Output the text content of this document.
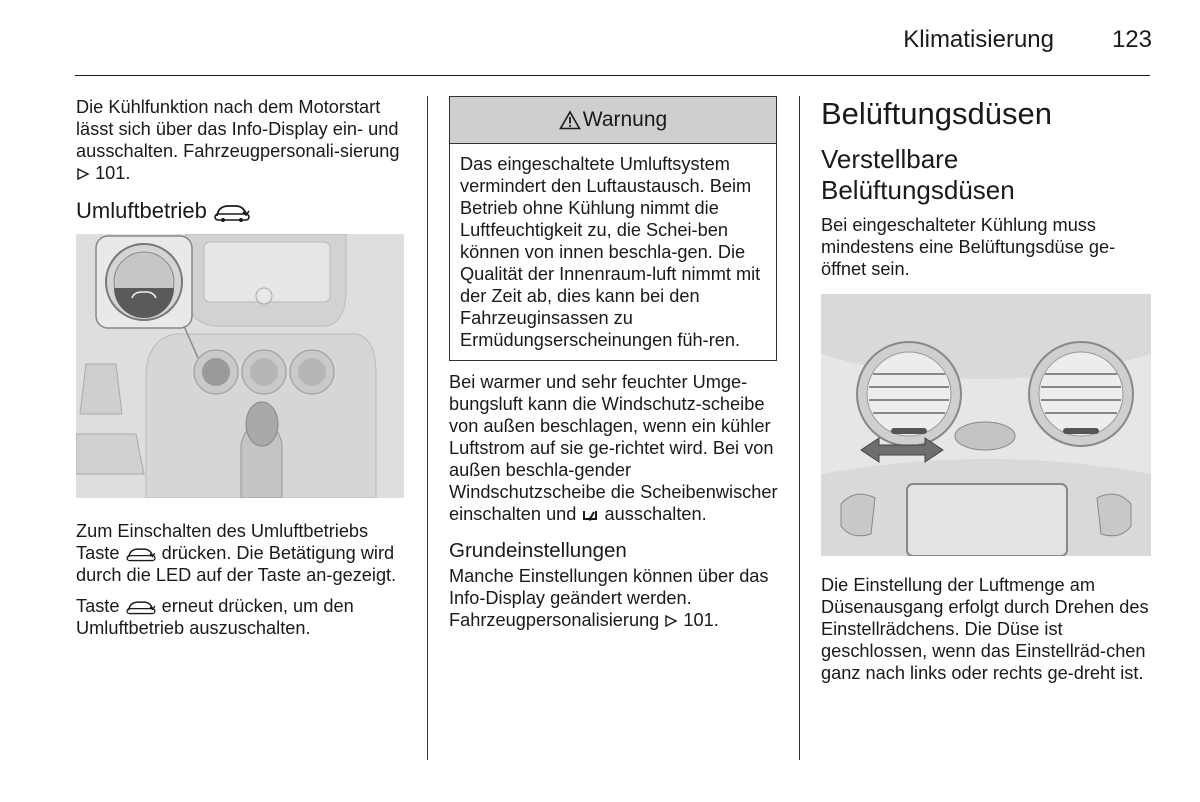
Klimatisierung 123

Die Kühlfunktion nach dem Motorstart lässt sich über das Info-Display ein- und ausschalten. Fahrzeugpersonali-sierung  101.

Umluftbetrieb

Zum Einschalten des Umluftbetriebs Taste drücken. Die Betätigung wird durch die LED auf der Taste an-gezeigt.

Taste erneut drücken, um den Umluftbetrieb auszuschalten.

Warnung
Das eingeschaltete Umluftsystem vermindert den Luftaustausch. Beim Betrieb ohne Kühlung nimmt die Luftfeuchtigkeit zu, die Schei-ben können von innen beschla-gen. Die Qualität der Innenraum-luft nimmt mit der Zeit ab, dies kann bei den Fahrzeuginsassen zu Ermüdungserscheinungen füh-ren.

Bei warmer und sehr feuchter Umge-bungsluft kann die Windschutz-scheibe von außen beschlagen, wenn ein kühler Luftstrom auf sie ge-richtet wird. Bei von außen beschla-gender Windschutzscheibe die Scheibenwischer einschalten und ausschalten.

Grundeinstellungen

Manche Einstellungen können über das Info-Display geändert werden. Fahrzeugpersonalisierung 101.

Belüftungsdüsen
Verstellbare Belüftungsdüsen

Bei eingeschalteter Kühlung muss mindestens eine Belüftungsdüse ge-öffnet sein.

Die Einstellung der Luftmenge am Düsenausgang erfolgt durch Drehen des Einstellrädchens. Die Düse ist geschlossen, wenn das Einstellräd-chen ganz nach links oder rechts ge-dreht ist.
